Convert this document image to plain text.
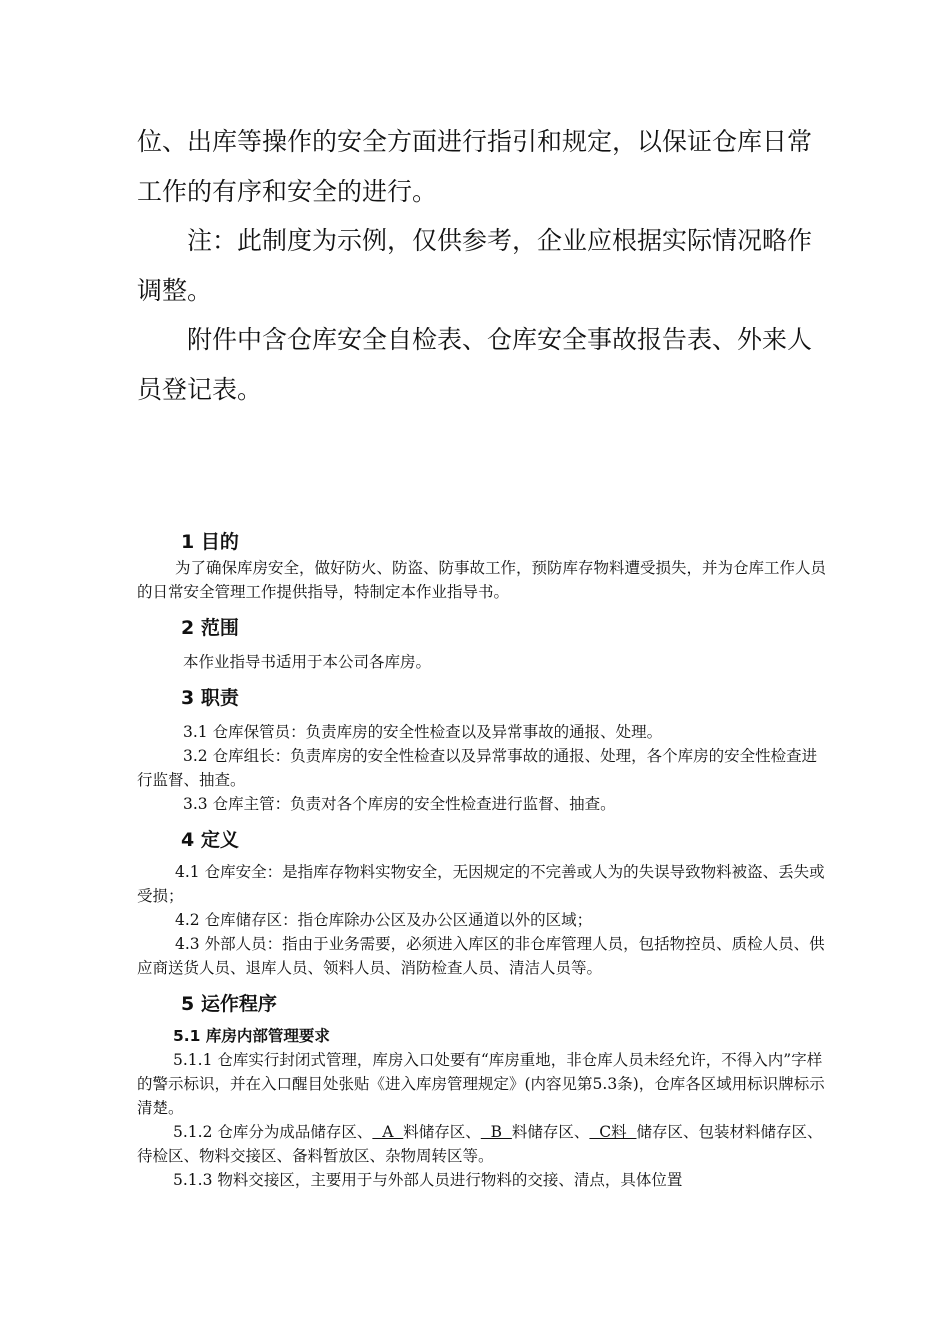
位、出库等操作的安全方面进行指引和规定，以保证仓库日常工作的有序和安全的进行。

注：此制度为示例，仅供参考，企业应根据实际情况略作调整。

附件中含仓库安全自检表、仓库安全事故报告表、外来人员登记表。

1 目的

为了确保库房安全，做好防火、防盗、防事故工作，预防库存物料遭受损失，并为仓库工作人员的日常安全管理工作提供指导，特制定本作业指导书。

2 范围

本作业指导书适用于本公司各库房。

3 职责

3.1 仓库保管员：负责库房的安全性检查以及异常事故的通报、处理。

3.2 仓库组长：负责库房的安全性检查以及异常事故的通报、处理，各个库房的安全性检查进行监督、抽查。

3.3 仓库主管：负责对各个库房的安全性检查进行监督、抽查。

4 定义

4.1 仓库安全：是指库存物料实物安全，无因规定的不完善或人为的失误导致物料被盗、丢失或受损；

4.2 仓库储存区：指仓库除办公区及办公区通道以外的区域；

4.3 外部人员：指由于业务需要，必须进入库区的非仓库管理人员，包括物控员、质检人员、供应商送货人员、退库人员、领料人员、消防检查人员、清洁人员等。

5 运作程序
5.1 库房内部管理要求

5.1.1 仓库实行封闭式管理，库房入口处要有“库房重地，非仓库人员未经允许，不得入内”字样的警示标识，并在入口醒目处张贴《进入库房管理规定》(内容见第5.3条)，仓库各区域用标识牌标示清楚。

5.1.2 仓库分为成品储存区、  A  料储存区、  B  料储存区、  C料  储存区、包装材料储存区、待检区、物料交接区、备料暂放区、杂物周转区等。

5.1.3 物料交接区，主要用于与外部人员进行物料的交接、清点，具体位置
